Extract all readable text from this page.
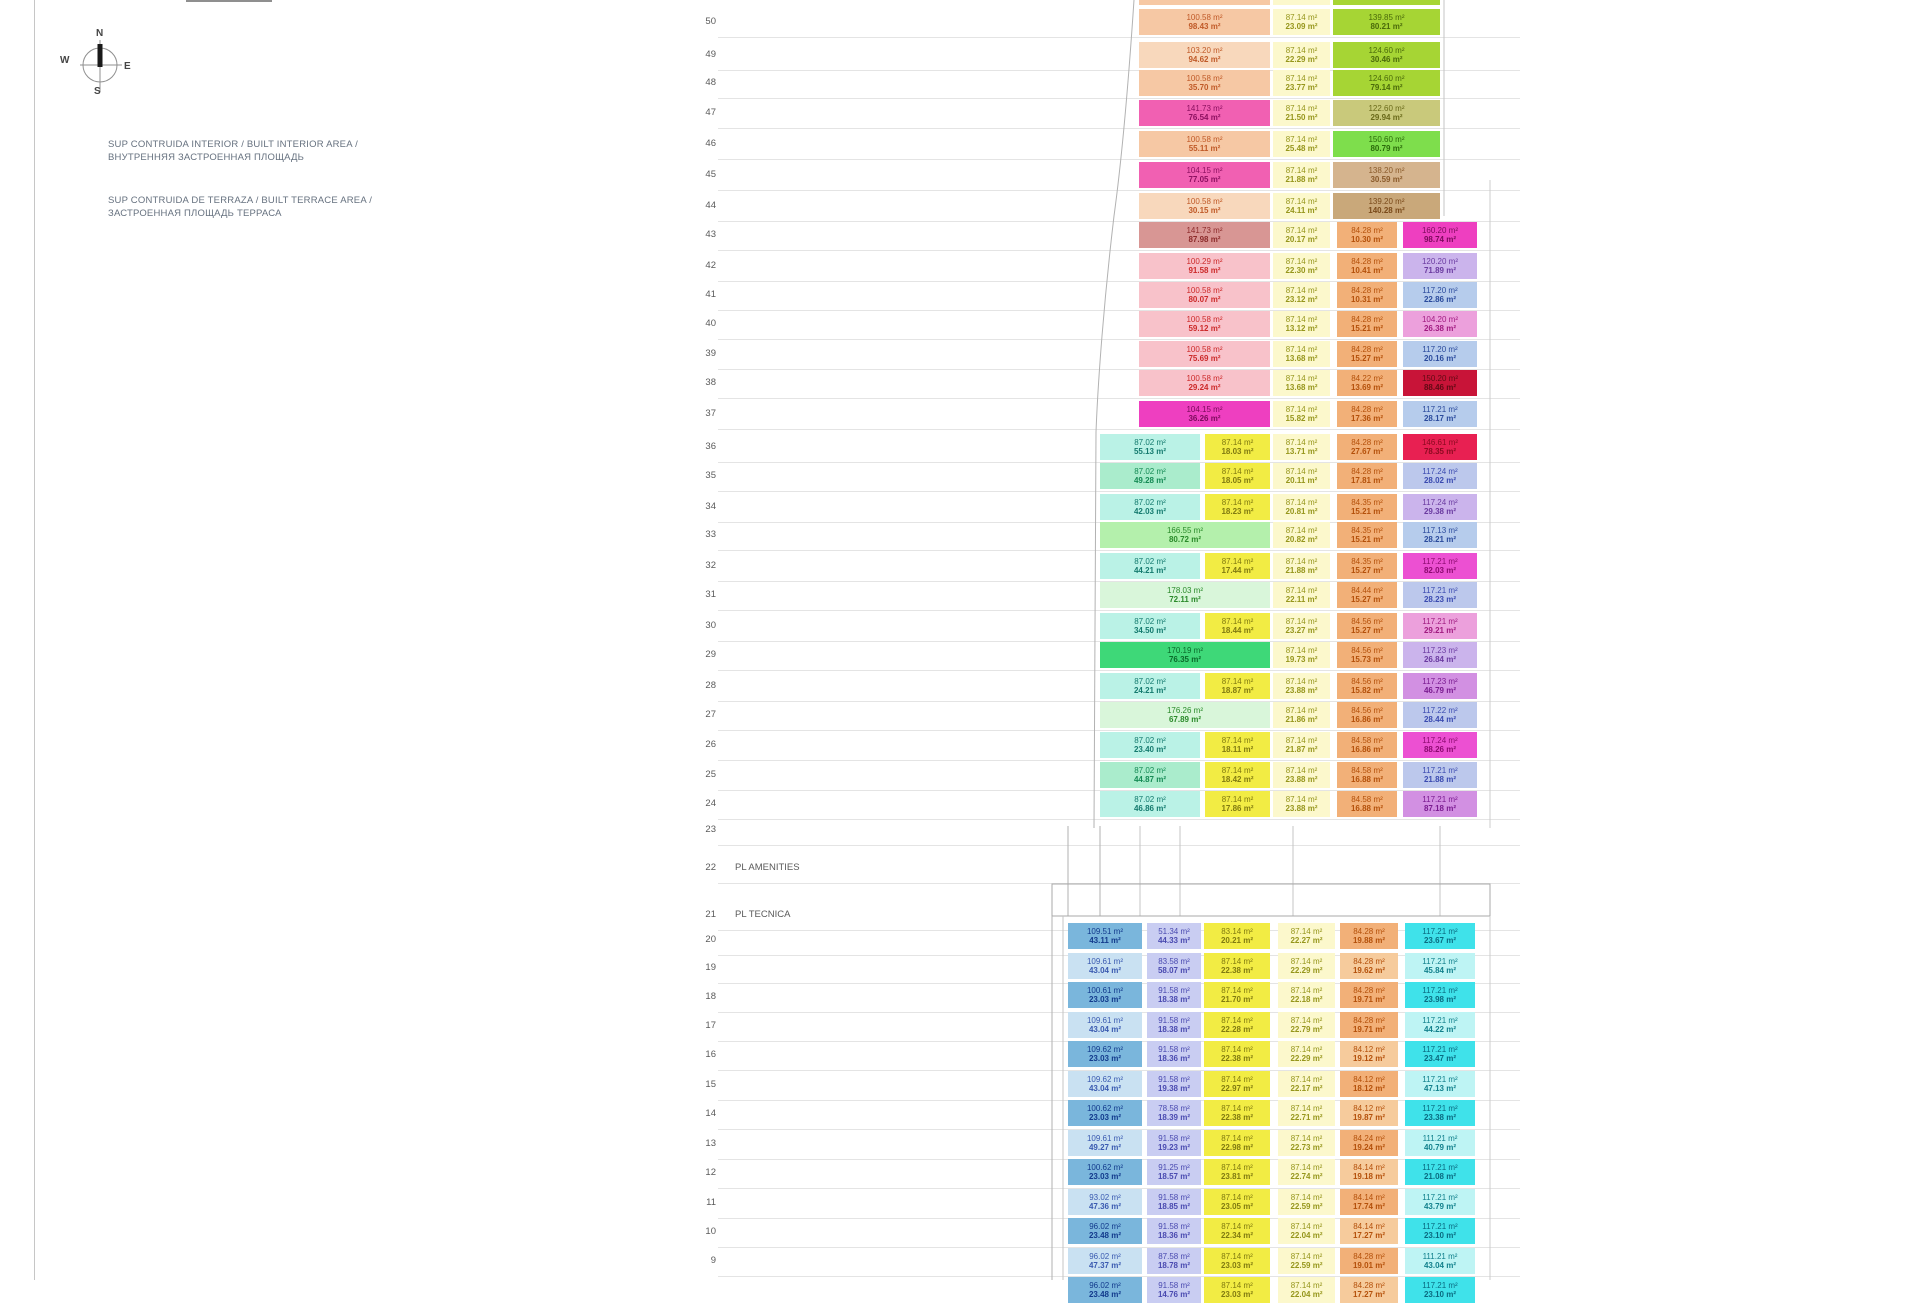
N
W
E
S

SUP CONTRUIDA INTERIOR / BUILT INTERIOR AREA /

ВНУТРЕННЯЯ ЗАСТРОЕННАЯ ПЛОЩАДЬ

SUP CONTRUIDA DE TERRAZA / BUILT TERRACE AREA /

ЗАСТРОЕННАЯ ПЛОЩАДЬ ТЕРРАСА

100.58 m²
98.43 m²
87.14 m²
23.09 m²
139.85 m²
80.21 m²
103.20 m²
94.62 m²
87.14 m²
22.29 m²
124.60 m²
30.46 m²
100.58 m²
35.70 m²
87.14 m²
23.77 m²
124.60 m²
79.14 m²
141.73 m²
76.54 m²
87.14 m²
21.50 m²
122.60 m²
29.94 m²
100.58 m²
55.11 m²
87.14 m²
25.48 m²
150.60 m²
80.79 m²
104.15 m²
77.05 m²
87.14 m²
21.88 m²
138.20 m²
30.59 m²
100.58 m²
30.15 m²
87.14 m²
24.11 m²
139.20 m²
140.28 m²
141.73 m²
87.98 m²
87.14 m²
20.17 m²
84.28 m²
10.30 m²
160.20 m²
98.74 m²
100.29 m²
91.58 m²
87.14 m²
22.30 m²
84.28 m²
10.41 m²
120.20 m²
71.89 m²
100.58 m²
80.07 m²
87.14 m²
23.12 m²
84.28 m²
10.31 m²
117.20 m²
22.86 m²
100.58 m²
59.12 m²
87.14 m²
13.12 m²
84.28 m²
15.21 m²
104.20 m²
26.38 m²
100.58 m²
75.69 m²
87.14 m²
13.68 m²
84.28 m²
15.27 m²
117.20 m²
20.16 m²
100.58 m²
29.24 m²
87.14 m²
13.68 m²
84.22 m²
13.69 m²
150.20 m²
88.46 m²
104.15 m²
36.26 m²
87.14 m²
15.82 m²
84.28 m²
17.36 m²
117.21 m²
28.17 m²
87.02 m²
55.13 m²
87.14 m²
18.03 m²
87.14 m²
13.71 m²
84.28 m²
27.67 m²
146.61 m²
78.35 m²
87.02 m²
49.28 m²
87.14 m²
18.05 m²
87.14 m²
20.11 m²
84.28 m²
17.81 m²
117.24 m²
28.02 m²
87.02 m²
42.03 m²
87.14 m²
18.23 m²
87.14 m²
20.81 m²
84.35 m²
15.21 m²
117.24 m²
29.38 m²
166.55 m²
80.72 m²
87.14 m²
20.82 m²
84.35 m²
15.21 m²
117.13 m²
28.21 m²
87.02 m²
44.21 m²
87.14 m²
17.44 m²
87.14 m²
21.88 m²
84.35 m²
15.27 m²
117.21 m²
82.03 m²
178.03 m²
72.11 m²
87.14 m²
22.11 m²
84.44 m²
15.27 m²
117.21 m²
28.23 m²
87.02 m²
34.50 m²
87.14 m²
18.44 m²
87.14 m²
23.27 m²
84.56 m²
15.27 m²
117.21 m²
29.21 m²
170.19 m²
76.35 m²
87.14 m²
19.73 m²
84.56 m²
15.73 m²
117.23 m²
26.84 m²
87.02 m²
24.21 m²
87.14 m²
18.87 m²
87.14 m²
23.88 m²
84.56 m²
15.82 m²
117.23 m²
46.79 m²
176.26 m²
67.89 m²
87.14 m²
21.86 m²
84.56 m²
16.86 m²
117.22 m²
28.44 m²
87.02 m²
23.40 m²
87.14 m²
18.11 m²
87.14 m²
21.87 m²
84.58 m²
16.86 m²
117.24 m²
88.26 m²
87.02 m²
44.87 m²
87.14 m²
18.42 m²
87.14 m²
23.88 m²
84.58 m²
16.88 m²
117.21 m²
21.88 m²
87.02 m²
46.86 m²
87.14 m²
17.86 m²
87.14 m²
23.88 m²
84.58 m²
16.88 m²
117.21 m²
87.18 m²
109.51 m²
43.11 m²
51.34 m²
44.33 m²
83.14 m²
20.21 m²
87.14 m²
22.27 m²
84.28 m²
19.88 m²
117.21 m²
23.67 m²
109.61 m²
43.04 m²
83.58 m²
58.07 m²
87.14 m²
22.38 m²
87.14 m²
22.29 m²
84.28 m²
19.62 m²
117.21 m²
45.84 m²
100.61 m²
23.03 m²
91.58 m²
18.38 m²
87.14 m²
21.70 m²
87.14 m²
22.18 m²
84.28 m²
19.71 m²
117.21 m²
23.98 m²
109.61 m²
43.04 m²
91.58 m²
18.38 m²
87.14 m²
22.28 m²
87.14 m²
22.79 m²
84.28 m²
19.71 m²
117.21 m²
44.22 m²
109.62 m²
23.03 m²
91.58 m²
18.36 m²
87.14 m²
22.38 m²
87.14 m²
22.29 m²
84.12 m²
19.12 m²
117.21 m²
23.47 m²
109.62 m²
43.04 m²
91.58 m²
19.38 m²
87.14 m²
22.97 m²
87.14 m²
22.17 m²
84.12 m²
18.12 m²
117.21 m²
47.13 m²
100.62 m²
23.03 m²
78.58 m²
18.39 m²
87.14 m²
22.38 m²
87.14 m²
22.71 m²
84.12 m²
19.87 m²
117.21 m²
23.38 m²
109.61 m²
49.27 m²
91.58 m²
19.23 m²
87.14 m²
22.98 m²
87.14 m²
22.73 m²
84.24 m²
19.24 m²
111.21 m²
40.79 m²
100.62 m²
23.03 m²
91.25 m²
18.57 m²
87.14 m²
23.81 m²
87.14 m²
22.74 m²
84.14 m²
19.18 m²
117.21 m²
21.08 m²
93.02 m²
47.36 m²
91.58 m²
18.85 m²
87.14 m²
23.05 m²
87.14 m²
22.59 m²
84.14 m²
17.74 m²
117.21 m²
43.79 m²
96.02 m²
23.48 m²
91.58 m²
18.36 m²
87.14 m²
22.34 m²
87.14 m²
22.04 m²
84.14 m²
17.27 m²
117.21 m²
23.10 m²
96.02 m²
47.37 m²
87.58 m²
18.78 m²
87.14 m²
23.03 m²
87.14 m²
22.59 m²
84.28 m²
19.01 m²
111.21 m²
43.04 m²
96.02 m²
23.48 m²
91.58 m²
14.76 m²
87.14 m²
23.03 m²
87.14 m²
22.04 m²
84.28 m²
17.27 m²
117.21 m²
23.10 m²
50
49
48
47
46
45
44
43
42
41
40
39
38
37
36
35
34
33
32
31
30
29
28
27
26
25
24
23
22 PL AMENITIES
21 PL TECNICA
20
19
18
17
16
15
14
13
12
11
10
9
